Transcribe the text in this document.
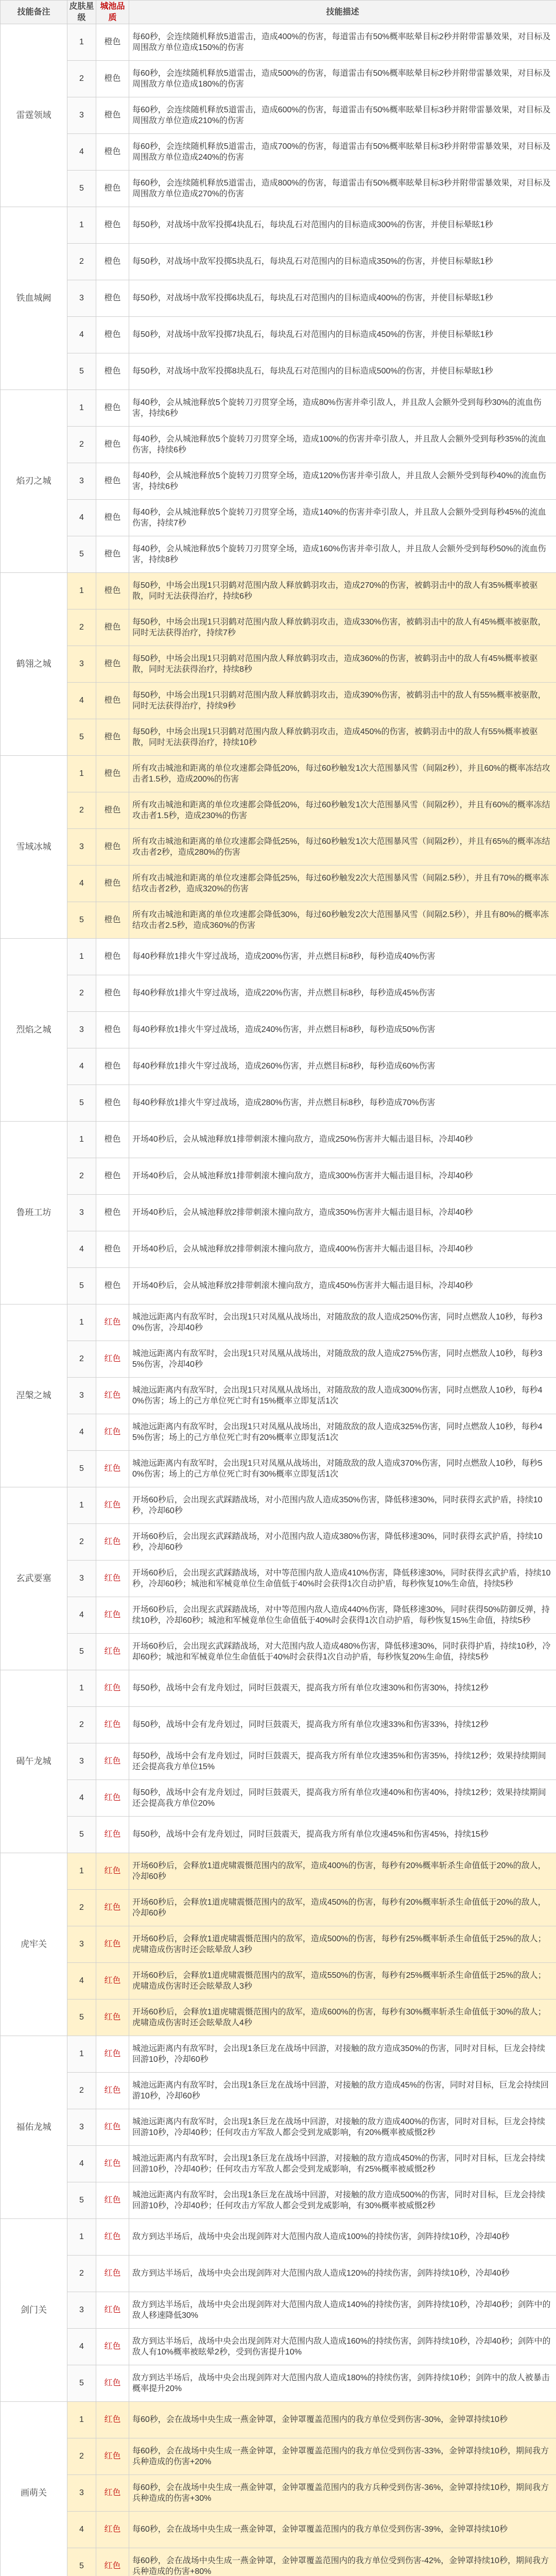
技能备注	皮肤星级	城池品质	技能描述
雷霆领域	1	橙色	每60秒，会连续随机释放5道雷击，造成400%的伤害，每道雷击有50%概率眩晕目标2秒并附带雷暴效果，对目标及周围敌方单位造成150%的伤害
	2	橙色	每60秒，会连续随机释放5道雷击，造成500%的伤害，每道雷击有50%概率眩晕目标2秒并附带雷暴效果，对目标及周围敌方单位造成180%的伤害
	3	橙色	每60秒，会连续随机释放5道雷击，造成600%的伤害，每道雷击有50%概率眩晕目标3秒并附带雷暴效果，对目标及周围敌方单位造成210%的伤害
	4	橙色	每60秒，会连续随机释放5道雷击，造成700%的伤害，每道雷击有50%概率眩晕目标3秒并附带雷暴效果，对目标及周围敌方单位造成240%的伤害
	5	橙色	每60秒，会连续随机释放5道雷击，造成800%的伤害，每道雷击有50%概率眩晕目标3秒并附带雷暴效果，对目标及周围敌方单位造成270%的伤害
铁血城阙	1	橙色	每50秒，对战场中敌军投掷4块乱石，每块乱石对范围内的目标造成300%的伤害，并使目标晕眩1秒
	2	橙色	每50秒，对战场中敌军投掷5块乱石，每块乱石对范围内的目标造成350%的伤害，并使目标晕眩1秒
	3	橙色	每50秒，对战场中敌军投掷6块乱石，每块乱石对范围内的目标造成400%的伤害，并使目标晕眩1秒
	4	橙色	每50秒，对战场中敌军投掷7块乱石，每块乱石对范围内的目标造成450%的伤害，并使目标晕眩1秒
	5	橙色	每50秒，对战场中敌军投掷8块乱石，每块乱石对范围内的目标造成500%的伤害，并使目标晕眩1秒
焰刃之城	1	橙色	每40秒，会从城池释放5个旋转刀刃贯穿全场，造成80%伤害并牵引敌人，并且敌人会额外受到每秒30%的流血伤害，持续6秒
	2	橙色	每40秒，会从城池释放5个旋转刀刃贯穿全场，造成100%的伤害并牵引敌人，并且敌人会额外受到每秒35%的流血伤害，持续6秒
	3	橙色	每40秒，会从城池释放5个旋转刀刃贯穿全场，造成120%伤害并牵引敌人，并且敌人会额外受到每秒40%的流血伤害，持续6秒
	4	橙色	每40秒，会从城池释放5个旋转刀刃贯穿全场，造成140%的伤害并牵引敌人，并且敌人会额外受到每秒45%的流血伤害，持续7秒
	5	橙色	每40秒，会从城池释放5个旋转刀刃贯穿全场，造成160%伤害并牵引敌人，并且敌人会额外受到每秒50%的流血伤害，持续8秒
鹤翎之城	1	橙色	每50秒，中场会出现1只羽鹤对范围内敌人释放鹤羽攻击，造成270%的伤害，被鹤羽击中的敌人有35%概率被驱散，同时无法获得治疗，持续6秒
	2	橙色	每50秒，中场会出现1只羽鹤对范围内敌人释放鹤羽攻击，造成330%伤害，被鹤羽击中的敌人有45%概率被驱散，同时无法获得治疗，持续7秒
	3	橙色	每50秒，中场会出现1只羽鹤对范围内敌人释放鹤羽攻击，造成360%的伤害，被鹤羽击中的敌人有45%概率被驱散，同时无法获得治疗，持续8秒
	4	橙色	每50秒，中场会出现1只羽鹤对范围内敌人释放鹤羽攻击，造成390%伤害，被鹤羽击中的敌人有55%概率被驱散，同时无法获得治疗，持续9秒
	5	橙色	每50秒，中场会出现1只羽鹤对范围内敌人释放鹤羽攻击，造成450%的伤害，被鹤羽击中的敌人有55%概率被驱散，同时无法获得治疗，持续10秒
雪域冰城	1	橙色	所有攻击城池和距离的单位攻速都会降低20%，每过60秒触发1次大范围暴风雪（间隔2秒），并且60%的概率冻结攻击者1.5秒，造成200%的伤害
	2	橙色	所有攻击城池和距离的单位攻速都会降低20%，每过60秒触发1次大范围暴风雪（间隔2秒），并且有60%的概率冻结攻击者1.5秒，造成230%的伤害
	3	橙色	所有攻击城池和距离的单位攻速都会降低25%，每过60秒触发1次大范围暴风雪（间隔2秒），并且有65%的概率冻结攻击者2秒，造成280%的伤害
	4	橙色	所有攻击城池和距离的单位攻速都会降低25%，每过60秒触发2次大范围暴风雪（间隔2.5秒），并且有70%的概率冻结攻击者2秒，造成320%的伤害
	5	橙色	所有攻击城池和距离的单位攻速都会降低30%，每过60秒触发2次大范围暴风雪（间隔2.5秒），并且有80%的概率冻结攻击者2.5秒，造成360%的伤害
烈焰之城	1	橙色	每40秒释放1排火牛穿过战场，造成200%伤害，并点燃目标8秒，每秒造成40%伤害
	2	橙色	每40秒释放1排火牛穿过战场，造成220%伤害，并点燃目标8秒，每秒造成45%伤害
	3	橙色	每40秒释放1排火牛穿过战场，造成240%伤害，并点燃目标8秒，每秒造成50%伤害
	4	橙色	每40秒释放1排火牛穿过战场，造成260%伤害，并点燃目标8秒，每秒造成60%伤害
	5	橙色	每40秒释放1排火牛穿过战场，造成280%伤害，并点燃目标8秒，每秒造成70%伤害
鲁班工坊	1	橙色	开场40秒后，会从城池释放1排带刺滚木撞向敌方，造成250%伤害并大幅击退目标，冷却40秒
	2	橙色	开场40秒后，会从城池释放1排带刺滚木撞向敌方，造成300%伤害并大幅击退目标，冷却40秒
	3	橙色	开场40秒后，会从城池释放2排带刺滚木撞向敌方，造成350%伤害并大幅击退目标，冷却40秒
	4	橙色	开场40秒后，会从城池释放2排带刺滚木撞向敌方，造成400%伤害并大幅击退目标，冷却40秒
	5	橙色	开场40秒后，会从城池释放2排带刺滚木撞向敌方，造成450%伤害并大幅击退目标，冷却40秒
涅槃之城	1	红色	城池远距离内有敌军时，会出现1只对凤凰从战场出，对随敌敌的敌人造成250%伤害，同时点燃敌人10秒，每秒30%伤害，冷却40秒
	2	红色	城池远距离内有敌军时，会出现1只对凤凰从战场出，对随敌敌的敌人造成275%伤害，同时点燃敌人10秒，每秒35%伤害，冷却40秒
	3	红色	城池远距离内有敌军时，会出现1只对凤凰从战场出，对随敌敌的敌人造成300%伤害，同时点燃敌人10秒，每秒40%伤害；场上的己方单位死亡时有15%概率立即复活1次
	4	红色	城池远距离内有敌军时，会出现1只对凤凰从战场出，对随敌敌的敌人造成325%伤害，同时点燃敌人10秒，每秒45%伤害；场上的己方单位死亡时有20%概率立即复活1次
	5	红色	城池远距离内有敌军时，会出现1只对凤凰从战场出，对随敌敌的敌人造成370%伤害，同时点燃敌人10秒，每秒50%伤害；场上的己方单位死亡时有30%概率立即复活1次
玄武要塞	1	红色	开场60秒后，会出现玄武踩踏战场，对小范围内敌人造成350%伤害，降低移速30%，同时获得玄武护盾，持续10秒，冷却60秒
	2	红色	开场60秒后，会出现玄武踩踏战场，对小范围内敌人造成380%伤害，降低移速30%，同时获得玄武护盾，持续10秒，冷却60秒
	3	红色	开场60秒后，会出现玄武踩踏战场，对中等范围内敌人造成410%伤害，降低移速30%，同时获得玄武护盾，持续10秒，冷却60秒；城池和军械竟单位生命值低于40%时会获得1次自动护盾，每秒恢复10%生命值，持续5秒
	4	红色	开场60秒后，会出现玄武踩踏战场，对中等范围内敌人造成440%伤害，降低移速30%，同时获得50%防御反弹，持续10秒，冷却60秒；城池和军械竟单位生命值低于40%时会获得1次自动护盾，每秒恢复15%生命值，持续5秒
	5	红色	开场60秒后，会出现玄武踩踏战场，对大范围内敌人造成480%伤害，降低移速30%，同时获得护盾，持续10秒，冷却60秒；城池和军械竟单位生命值低于40%时会获得1次自动护盾，每秒恢复20%生命值，持续5秒
碣午龙城	1	红色	每50秒，战场中会有龙舟划过，同时巨鼓震天，提高我方所有单位攻速30%和伤害30%，持续12秒
	2	红色	每50秒，战场中会有龙舟划过，同时巨鼓震天，提高我方所有单位攻速33%和伤害33%，持续12秒
	3	红色	每50秒，战场中会有龙舟划过，同时巨鼓震天，提高我方所有单位攻速35%和伤害35%，持续12秒；效果持续期间还会提高我方单位15%
	4	红色	每50秒，战场中会有龙舟划过，同时巨鼓震天，提高我方所有单位攻速40%和伤害40%，持续12秒；效果持续期间还会提高我方单位20%
	5	红色	每50秒，战场中会有龙舟划过，同时巨鼓震天，提高我方所有单位攻速45%和伤害45%，持续15秒
虎牢关	1	红色	开场60秒后，会释放1道虎啸震慑范围内的敌军，造成400%的伤害，每秒有20%概率斩杀生命值低于20%的敌人，冷却60秒
	2	红色	开场60秒后，会释放1道虎啸震慑范围内的敌军，造成450%的伤害，每秒有20%概率斩杀生命值低于20%的敌人，冷却60秒
	3	红色	开场60秒后，会释放1道虎啸震慑范围内的敌军，造成500%的伤害，每秒有25%概率斩杀生命值低于25%的敌人；虎啸造成伤害时还会眩晕敌人3秒
	4	红色	开场60秒后，会释放1道虎啸震慑范围内的敌军，造成550%的伤害，每秒有25%概率斩杀生命值低于25%的敌人；虎啸造成伤害时还会眩晕敌人3秒
	5	红色	开场60秒后，会释放1道虎啸震慑范围内的敌军，造成600%的伤害，每秒有30%概率斩杀生命值低于30%的敌人；虎啸造成伤害时还会眩晕敌人4秒
福佑龙城	1	红色	城池远距离内有敌军时，会出现1条巨龙在战场中回游，对接触的敌方造成350%的伤害，同时对目标，巨龙会持续回游10秒，冷却60秒
	2	红色	城池远距离内有敌军时，会出现1条巨龙在战场中回游，对接触的敌方造成45%的伤害，同时对目标，巨龙会持续回游10秒，冷却60秒
	3	红色	城池远距离内有敌军时，会出现1条巨龙在战场中回游，对接触的敌方造成400%的伤害，同时对目标，巨龙会持续回游10秒，冷却40秒；任何攻击方军敌人都会受到龙威影响，有20%概率被威慑2秒
	4	红色	城池远距离内有敌军时，会出现1条巨龙在战场中回游，对接触的敌方造成450%的伤害，同时对目标，巨龙会持续回游10秒，冷却40秒；任何攻击方军敌人都会受到龙威影响，有25%概率被威慑2秒
	5	红色	城池远距离内有敌军时，会出现1条巨龙在战场中回游，对接触的敌方造成500%的伤害，同时对目标，巨龙会持续回游10秒，冷却40秒；任何攻击方军敌人都会受到龙威影响，有30%概率被威慑2秒
剑门关	1	红色	敌方到达半场后，战场中央会出现剑阵对大范围内敌人造成100%的持续伤害，剑阵持续10秒，冷却40秒
	2	红色	敌方到达半场后，战场中央会出现剑阵对大范围内敌人造成120%的持续伤害，剑阵持续10秒，冷却40秒
	3	红色	敌方到达半场后，战场中央会出现剑阵对大范围内敌人造成140%的持续伤害，剑阵持续10秒，冷却40秒；剑阵中的敌人移速降低30%
	4	红色	敌方到达半场后，战场中央会出现剑阵对大范围内敌人造成160%的持续伤害，剑阵持续10秒，冷却40秒；剑阵中的敌人有10%概率被眩晕2秒，受到伤害提升10%
	5	红色	敌方到达半场后，战场中央会出现剑阵对大范围内敌人造成180%的持续伤害，剑阵持续10秒；剑阵中的敌人被暴击概率提升20%
画萌关	1	红色	每60秒，会在战场中央生成一燕金钟罩，金钟罩覆盖范围内的我方单位受到伤害-30%，金钟罩持续10秒
	2	红色	每60秒，会在战场中央生成一燕金钟罩，金钟罩覆盖范围内的我方单位受到伤害-33%，金钟罩持续10秒，期间我方兵种造成的伤害+20%
	3	红色	每60秒，会在战场中央生成一燕金钟罩，金钟罩覆盖范围内的我方兵种受到伤害-36%，金钟罩持续10秒，期间我方兵种造成的伤害+30%
	4	红色	每60秒，会在战场中央生成一燕金钟罩，金钟罩覆盖范围内的我方单位受到伤害-39%，金钟罩持续10秒
	5	红色	每60秒，会在战场中央生成一燕金钟罩，金钟罩覆盖范围内的我方单位受到伤害-42%，金钟罩持续10秒，期间我方兵种造成的伤害+80%
